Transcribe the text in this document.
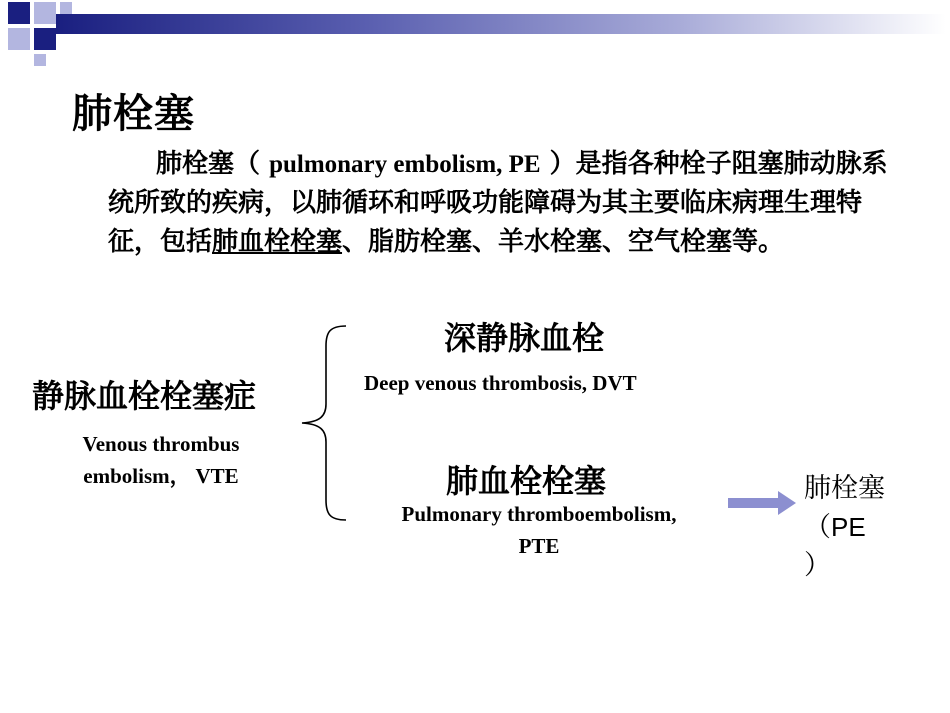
肺栓塞
肺栓塞（ pulmonary embolism, PE ）是指各种栓子阻塞肺动脉系统所致的疾病，以肺循环和呼吸功能障碍为其主要临床病理生理特征，包括肺血栓栓塞、脂肪栓塞、羊水栓塞、空气栓塞等。
静脉血栓栓塞症
Venous thrombus
embolism， VTE
深静脉血栓
Deep venous thrombosis, DVT
肺血栓栓塞
Pulmonary thromboembolism,
PTE
肺栓塞
（PE
）
